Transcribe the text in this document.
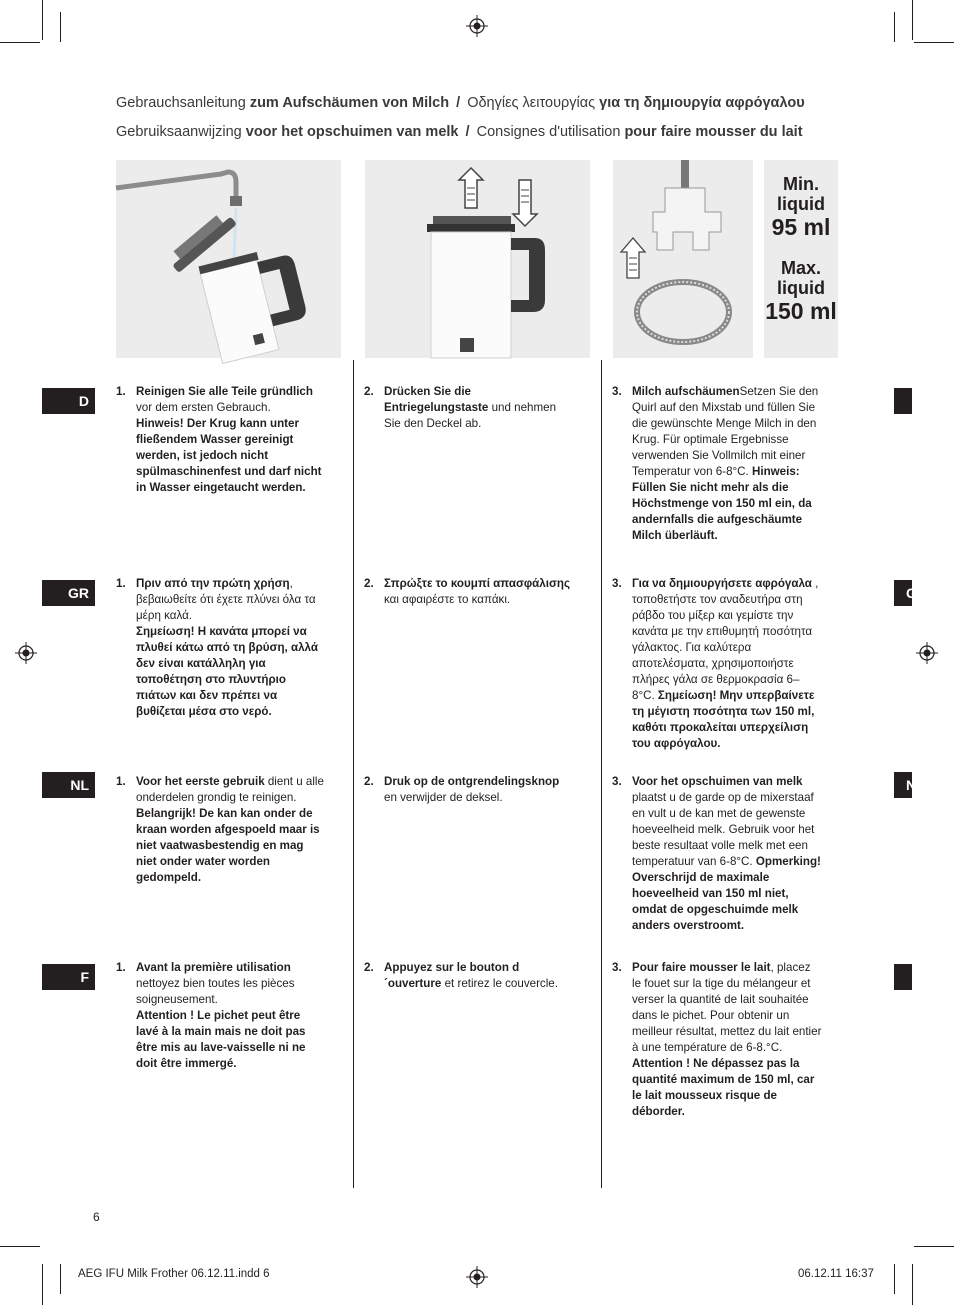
Gebrauchsanleitung zum Aufschäumen von Milch / Οδηγίες λειτουργίας για τη δημιουργία αφρόγαλου
Gebruiksaanwijzing voor het opschuimen van melk / Consignes d'utilisation pour faire mousser du lait
Min.
liquid
95 ml
Max.
liquid
150 ml
D
GR
NL
F
G
N
1. Reinigen Sie alle Teile gründlich vor dem ersten Gebrauch.
Hinweis! Der Krug kann unter fließendem Wasser gereinigt werden, ist jedoch nicht spülmaschinenfest und darf nicht in Wasser eingetaucht werden.
2. Drücken Sie die Entriegelungstaste und nehmen Sie den Deckel ab.
3. Milch aufschäumenSetzen Sie den Quirl auf den Mixstab und füllen Sie die gewünschte Menge Milch in den Krug. Für optimale Ergebnisse verwenden Sie Vollmilch mit einer Temperatur von 6-8°C. Hinweis: Füllen Sie nicht mehr als die Höchstmenge von 150 ml ein, da andernfalls die aufgeschäumte Milch überläuft.
1. Πριν από την πρώτη χρήση, βεβαιωθείτε ότι έχετε πλύνει όλα τα μέρη καλά.
Σημείωση! Η κανάτα μπορεί να πλυθεί κάτω από τη βρύση, αλλά δεν είναι κατάλληλη για τοποθέτηση στο πλυντήριο πιάτων και δεν πρέπει να βυθίζεται μέσα στο νερό.
2. Σπρώξτε το κουμπί απασφάλισης και αφαιρέστε το καπάκι.
3. Για να δημιουργήσετε αφρόγαλα , τοποθετήστε τον αναδευτήρα στη ράβδο του μίξερ και γεμίστε την κανάτα με την επιθυμητή ποσότητα γάλακτος. Για καλύτερα αποτελέσματα, χρησιμοποιήστε πλήρες γάλα σε θερμοκρασία 6–8°C. Σημείωση! Μην υπερβαίνετε τη μέγιστη ποσότητα των 150 ml, καθότι προκαλείται υπερχείλιση του αφρόγαλου.
1. Voor het eerste gebruik dient u alle onderdelen grondig te reinigen.
Belangrijk! De kan kan onder de kraan worden afgespoeld maar is niet vaatwasbestendig en mag niet onder water worden gedompeld.
2. Druk op de ontgrendelingsknop en verwijder de deksel.
3. Voor het opschuimen van melk plaatst u de garde op de mixerstaaf en vult u de kan met de gewenste hoeveelheid melk. Gebruik voor het beste resultaat volle melk met een temperatuur van 6-8°C. Opmerking! Overschrijd de maximale hoeveelheid van 150 ml niet, omdat de opgeschuimde melk anders overstroomt.
1. Avant la première utilisation nettoyez bien toutes les pièces soigneusement.
Attention ! Le pichet peut être lavé à la main mais ne doit pas être mis au lave-vaisselle ni ne doit être immergé.
2. Appuyez sur le bouton d´ouverture et retirez le couvercle.
3. Pour faire mousser le lait, placez le fouet sur la tige du mélangeur et verser la quantité de lait souhaitée dans le pichet. Pour obtenir un meilleur résultat, mettez du lait entier à une température de 6-8.°C. Attention ! Ne dépassez pas la quantité maximum de 150 ml, car le lait mousseux risque de déborder.
6
AEG IFU Milk Frother 06.12.11.indd 6	06.12.11 16:37
